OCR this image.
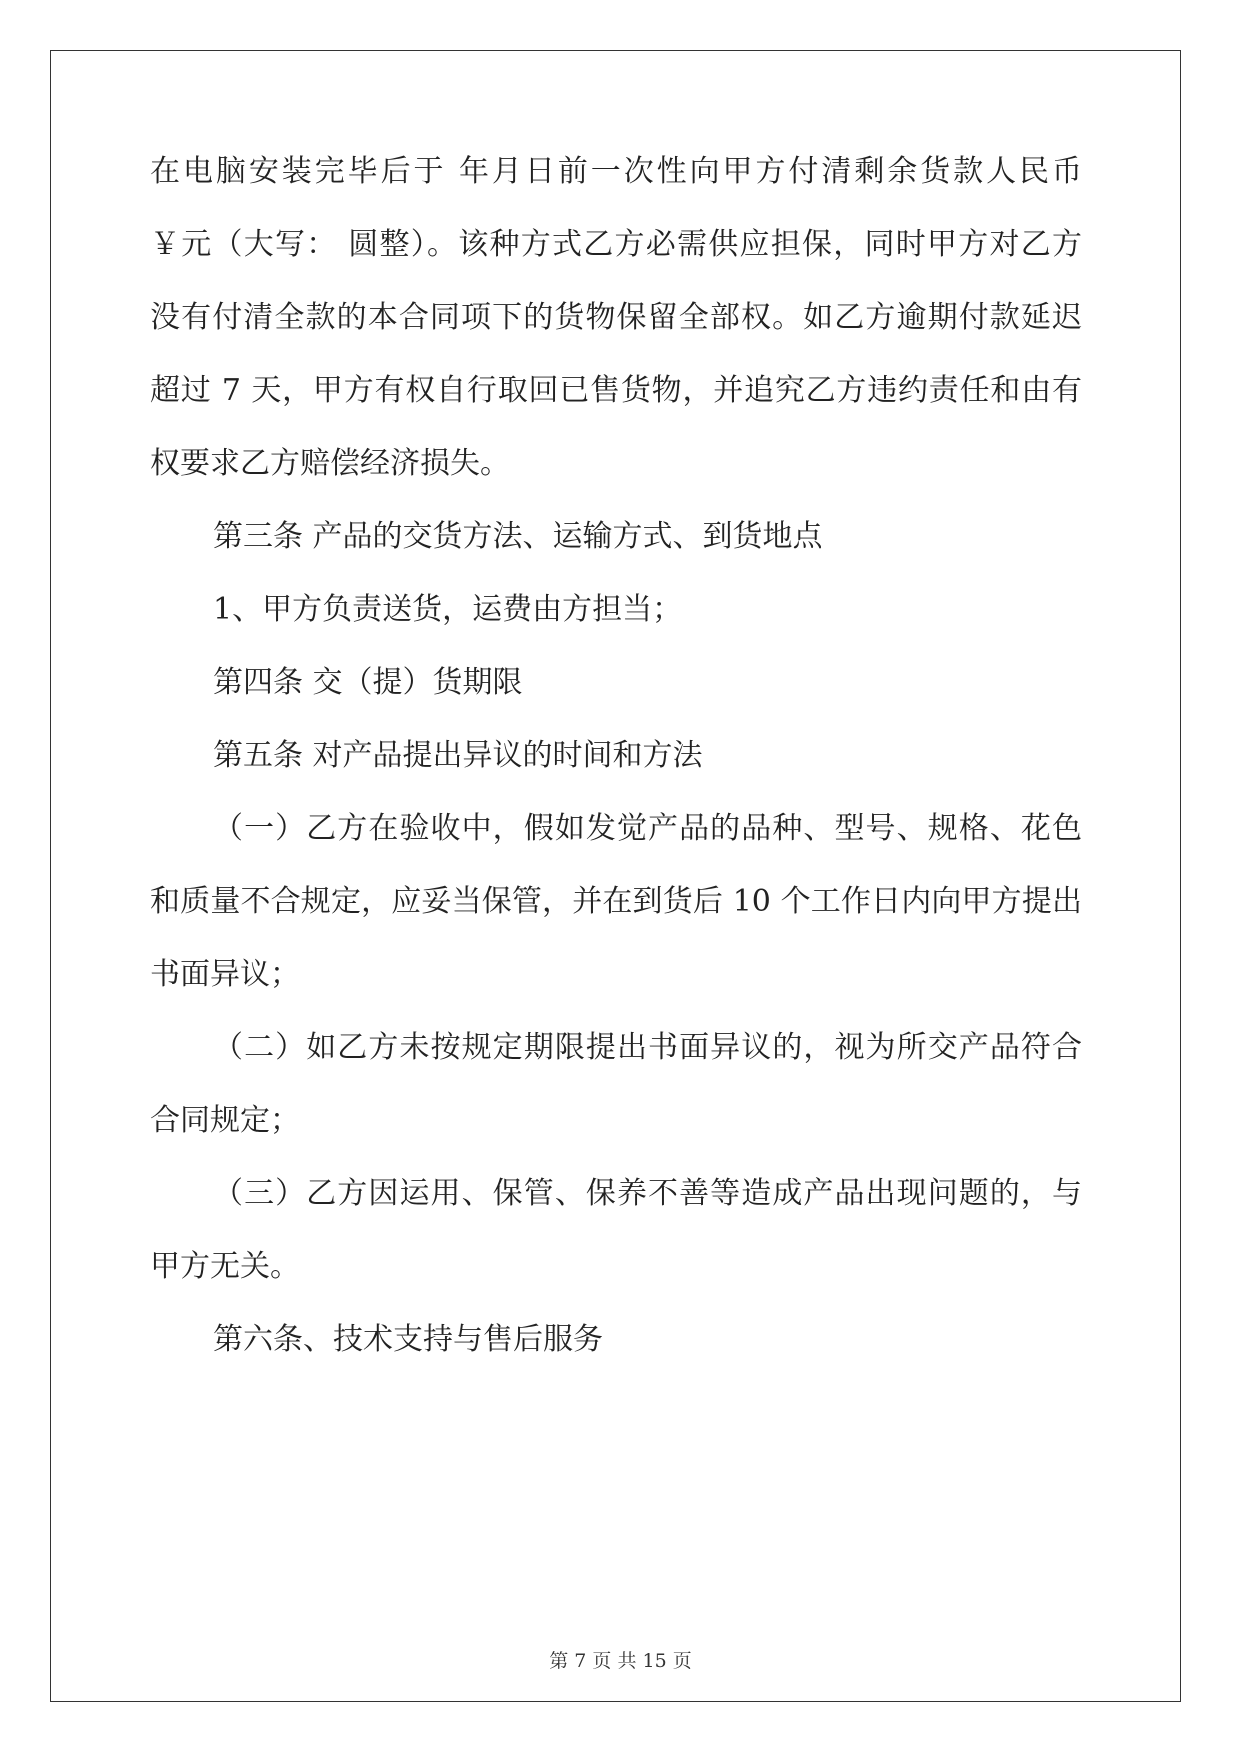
在电脑安装完毕后于 年月日前一次性向甲方付清剩余货款人民币
￥元（大写： 圆整）。该种方式乙方必需供应担保，同时甲方对乙方
没有付清全款的本合同项下的货物保留全部权。如乙方逾期付款延迟
超过 7 天，甲方有权自行取回已售货物，并追究乙方违约责任和由有
权要求乙方赔偿经济损失。
第三条 产品的交货方法、运输方式、到货地点
1、甲方负责送货，运费由方担当；
第四条 交（提）货期限
第五条 对产品提出异议的时间和方法
（一）乙方在验收中，假如发觉产品的品种、型号、规格、花色
和质量不合规定，应妥当保管，并在到货后 10 个工作日内向甲方提出
书面异议；
（二）如乙方未按规定期限提出书面异议的，视为所交产品符合
合同规定；
（三）乙方因运用、保管、保养不善等造成产品出现问题的，与
甲方无关。
第六条、技术支持与售后服务
第 7 页 共 15 页
